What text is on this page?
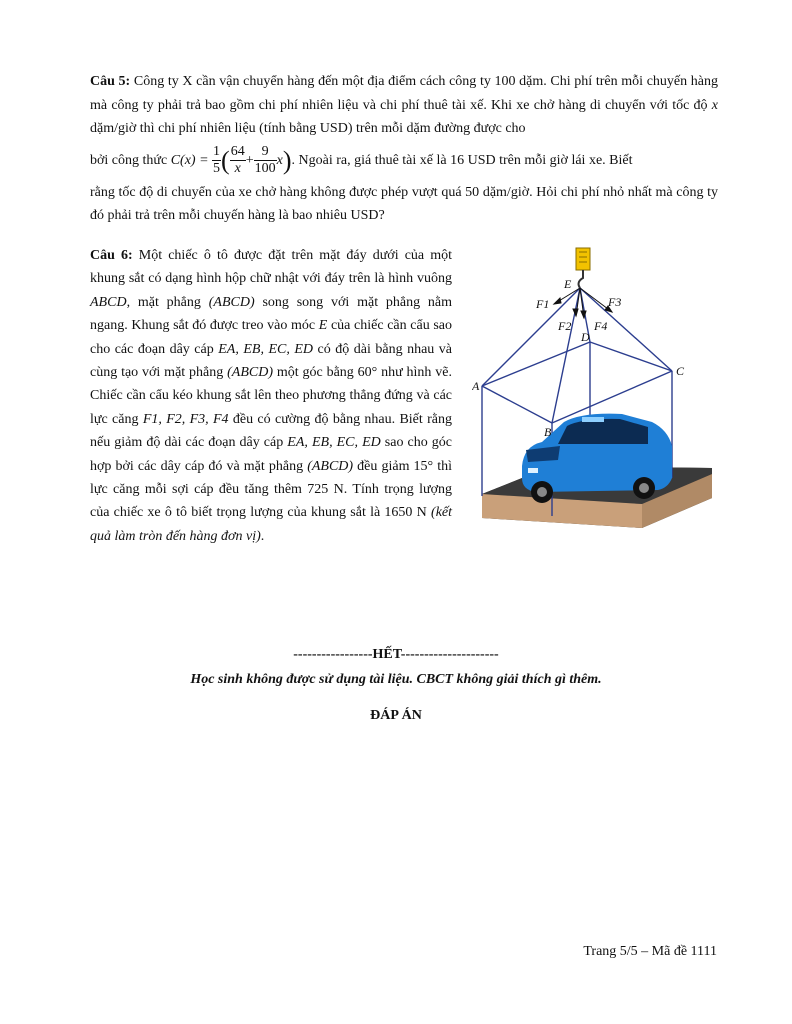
Câu 5: Công ty X cần vận chuyển hàng đến một địa điểm cách công ty 100 dặm. Chi phí trên mỗi chuyến hàng mà công ty phải trả bao gồm chi phí nhiên liệu và chi phí thuê tài xế. Khi xe chở hàng di chuyển với tốc độ x dặm/giờ thì chi phí nhiên liệu (tính bằng USD) trên mỗi dặm đường được cho

bởi công thức $C(x) = \frac{1}{5}$ ( $\frac{64}{x} + \frac{9}{100} x$). Ngoài ra, giá thuê tài xế là 16 USD trên mỗi giờ lái xe. Biết

rằng tốc độ di chuyển của xe chở hàng không được phép vượt quá 50 dặm/giờ. Hỏi chi phí nhỏ nhất mà công ty đó phải trả trên mỗi chuyến hàng là bao nhiêu USD?

Câu 6: Một chiếc ô tô được đặt trên mặt đáy dưới của một khung sắt có dạng hình hộp chữ nhật với đáy trên là hình vuông ABCD, mặt phẳng (ABCD) song song với mặt phẳng nằm ngang. Khung sắt đó được treo vào móc E của chiếc cần cẩu sao cho các đoạn dây cáp EA, EB, EC, ED có độ dài bằng nhau và cùng tạo với mặt phẳng (ABCD) một góc bằng 60° như hình vẽ. Chiếc cần cẩu kéo khung sắt lên theo phương thẳng đứng và các lực căng F1, F2, F3, F4 đều có cường độ bằng nhau. Biết rằng nếu giảm độ dài các đoạn dây cáp EA, EB, EC, ED sao cho góc hợp bởi các dây cáp đó và mặt phẳng (ABCD) đều giảm 15° thì lực căng mỗi sợi cáp đều tăng thêm 725 N. Tính trọng lượng của chiếc xe ô tô biết trọng lượng của khung sắt là 1650 N (kết quả làm tròn đến hàng đơn vị).

E
A
B
C
D
F1
F2
F3
F4
-----------------HẾT---------------------
Học sinh không được sử dụng tài liệu. CBCT không giải thích gì thêm.
ĐÁP ÁN
Trang 5/5 – Mã đề 1111
